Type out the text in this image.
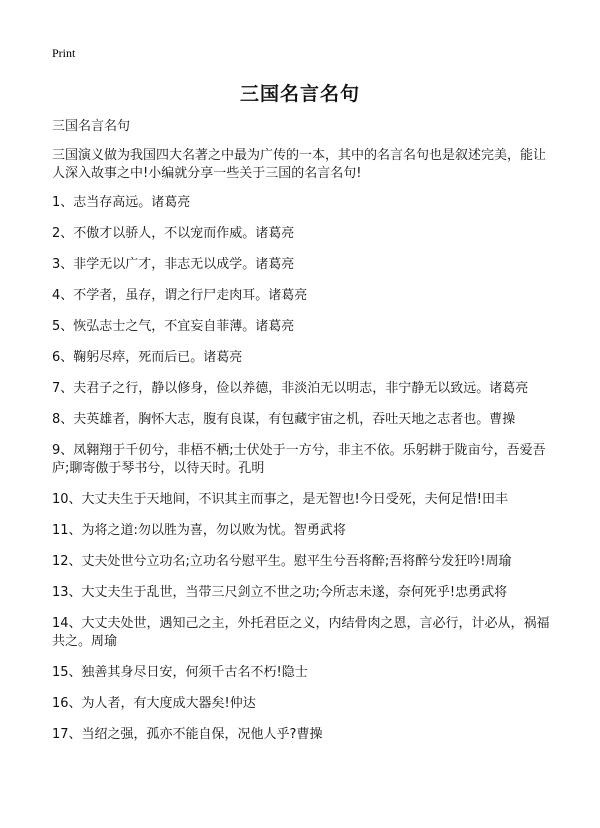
Print
三国名言名句

三国名言名句

三国演义做为我国四大名著之中最为广传的一本，其中的名言名句也是叙述完美，能让人深入故事之中!小编就分享一些关于三国的名言名句!

1、志当存高远。诸葛亮
2、不傲才以骄人，不以宠而作威。诸葛亮
3、非学无以广才，非志无以成学。诸葛亮
4、不学者，虽存，谓之行尸走肉耳。诸葛亮
5、恢弘志士之气，不宜妄自菲薄。诸葛亮
6、鞠躬尽瘁，死而后已。诸葛亮
7、夫君子之行，静以修身，俭以养德，非淡泊无以明志，非宁静无以致远。诸葛亮
8、夫英雄者，胸怀大志，腹有良谋，有包藏宇宙之机，吞吐天地之志者也。曹操
9、凤翱翔于千仞兮，非梧不栖;士伏处于一方兮，非主不依。乐躬耕于陇亩兮，吾爱吾庐;聊寄傲于琴书兮，以待天时。孔明
10、大丈夫生于天地间，不识其主而事之，是无智也!今日受死，夫何足惜!田丰
11、为将之道:勿以胜为喜，勿以败为忧。智勇武将
12、丈夫处世兮立功名;立功名兮慰平生。慰平生兮吾将醉;吾将醉兮发狂吟!周瑜
13、大丈夫生于乱世，当带三尺剑立不世之功;今所志未遂，奈何死乎!忠勇武将
14、大丈夫处世，遇知己之主，外托君臣之义，内结骨肉之恩，言必行，计必从，祸福共之。周瑜
15、独善其身尽日安，何须千古名不朽!隐士
16、为人者，有大度成大器矣!仲达
17、当绍之强，孤亦不能自保，况他人乎?曹操
